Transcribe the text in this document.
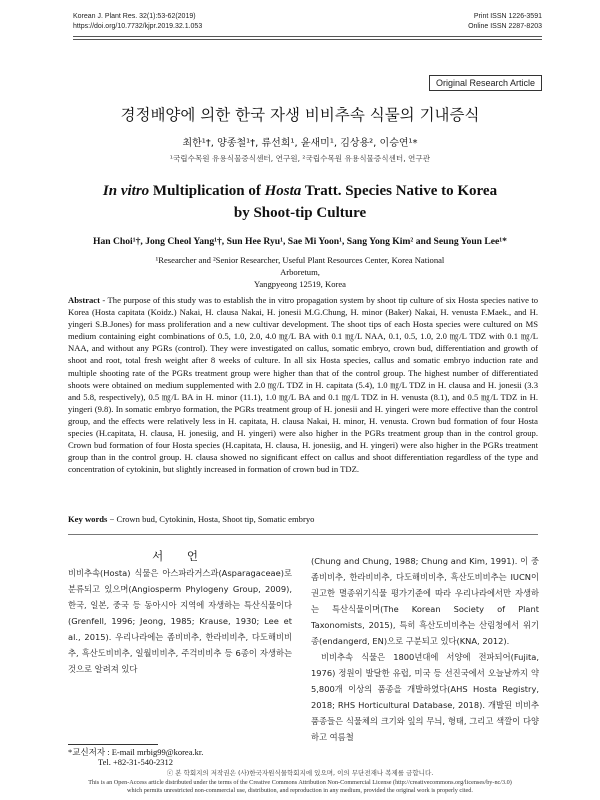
Korean J. Plant Res. 32(1):53-62(2019)
https://doi.org/10.7732/kjpr.2019.32.1.053
Print ISSN 1226-3591
Online ISSN 2287-8203
Original Research Article
경정배양에 의한 한국 자생 비비추속 식물의 기내증식
최한¹†, 양종철¹†, 류선희¹, 윤새미¹, 김상용², 이승연¹*
¹국립수목원 유용식물증식센터, 연구원, ²국립수목원 유용식물증식센터, 연구관
In vitro Multiplication of Hosta Tratt. Species Native to Korea
by Shoot-tip Culture
Han Choi¹†, Jong Cheol Yang¹†, Sun Hee Ryu¹, Sae Mi Yoon¹, Sang Yong Kim² and Seung Youn Lee¹*
¹Researcher and ²Senior Researcher, Useful Plant Resources Center, Korea National Arboretum,
Yangpyeong 12519, Korea
Abstract - The purpose of this study was to establish the in vitro propagation system by shoot tip culture of six Hosta species native to Korea (Hosta capitata (Koidz.) Nakai, H. clausa Nakai, H. jonesii M.G.Chung, H. minor (Baker) Nakai, H. venusta F.Maek., and H. yingeri S.B.Jones) for mass proliferation and a new cultivar development. The shoot tips of each Hosta species were cultured on MS medium containing eight combinations of 0.5, 1.0, 2.0, 4.0 ㎎/L BA with 0.1 ㎎/L NAA, 0.1, 0.5, 1.0, 2.0 ㎎/L TDZ with 0.1 ㎎/L NAA, and without any PGRs (control). They were investigated on callus, somatic embryo, crown bud, differentiation and growth of shoot and root, total fresh weight after 8 weeks of culture. In all six Hosta species, callus and somatic embryo induction rate and multiple shooting rate of the PGRs treatment group were higher than that of the control group. The highest number of differentiated shoots were obtained on medium supplemented with 2.0 ㎎/L TDZ in H. capitata (5.4), 1.0 ㎎/L TDZ in H. clausa and H. jonesii (3.3 and 5.8, respectively), 0.5 ㎎/L BA in H. minor (11.1), 1.0 ㎎/L BA and 0.1 ㎎/L TDZ in H. venusta (8.1), and 0.5 ㎎/L TDZ in H. yingeri (9.8). In somatic embryo formation, the PGRs treatment group of H. jonesii and H. yingeri were more effective than the control group, and the effects were relatively less in H. capitata, H. clausa Nakai, H. minor, H. venusta. Crown bud formation of four Hosta species (H.capitata, H. clausa, H. jonesiig, and H. yingeri) were also higher in the PGRs treatment group than in the control group. Crown bud formation of four Hosta species (H.capitata, H. clausa, H. jonesiig, and H. yingeri) were also higher in the PGRs treatment group than in the control group. H. clausa showed no significant effect on callus and shoot differentiation regardless of the type and concentration of cytokinin, but slightly increased in formation of crown bud in TDZ.
Key words − Crown bud, Cytokinin, Hosta, Shoot tip, Somatic embryo
서 언

비비추속(Hosta) 식물은 아스파라거스과(Asparagaceae)로 분류되고 있으며(Angiosperm Phylogeny Group, 2009), 한국, 일본, 중국 등 동아시아 지역에 자생하는 특산식물이다(Grenfell, 1996; Jeong, 1985; Krause, 1930; Lee et al., 2015). 우리나라에는 좀비비추, 한라비비추, 다도해비비추, 흑산도비비추, 일월비비추, 주걱비비추 등 6종이 자생하는 것으로 알려져 있다

(Chung and Chung, 1988; Chung and Kim, 1991). 이 중 좀비비추, 한라비비추, 다도해비비추, 흑산도비비추는 IUCN이 권고한 멸종위기식물 평가기준에 따라 우리나라에서만 자생하는 특산식물이며(The Korean Society of Plant Taxonomists, 2015), 특히 흑산도비비추는 산림청에서 위기종(endangerd, EN)으로 구분되고 있다(KNA, 2012).

비비추속 식물은 1800년대에 서양에 전파되어(Fujita, 1976) 정원이 발달한 유럽, 미국 등 선진국에서 오늘날까지 약 5,800개 이상의 품종을 개발하였다(AHS Hosta Registry, 2018; RHS Horticultural Database, 2018). 개발된 비비추 품종들은 식물체의 크기와 잎의 무늬, 형태, 그리고 색깔이 다양하고 여름철

*교신저자 : E-mail mrbig99@korea.kr.
Tel. +82-31-540-2312
ⓒ 본 학회지의 저작권은 (사)한국자원식물학회지에 있으며, 이의 무단전재나 복제를 금합니다.
This is an Open-Access article distributed under the terms of the Creative Commons Attribution Non-Commercial License (http://creativecommons.org/licenses/by-nc/3.0)
which permits unrestricted non-commercial use, distribution, and reproduction in any medium, provided the original work is properly cited.
